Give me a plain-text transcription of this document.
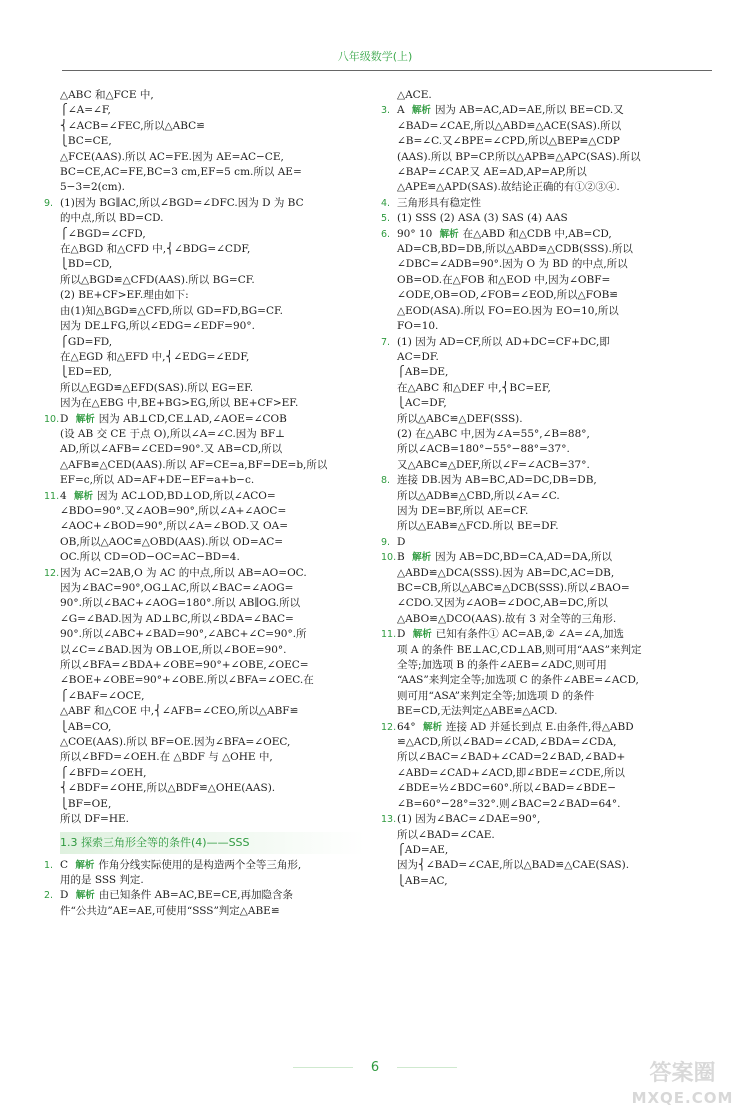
八年级数学(上)
△ABC 和△FCE 中,
⎧∠A=∠F,
⎨∠ACB=∠FEC,所以△ABC≌
⎩BC=CE,
△FCE(AAS).所以 AC=FE.因为 AE=AC−CE,
BC=CE,AC=FE,BC=3 cm,EF=5 cm.所以 AE=
5−3=2(cm).
9. (1)因为 BG∥AC,所以∠BGD=∠DFC.因为 D 为 BC
的中点,所以 BD=CD.
⎧∠BGD=∠CFD,
在△BGD 和△CFD 中,⎨∠BDG=∠CDF,
⎩BD=CD,
所以△BGD≌△CFD(AAS).所以 BG=CF.
(2) BE+CF>EF.理由如下:
由(1)知△BGD≌△CFD,所以 GD=FD,BG=CF.
因为 DE⊥FG,所以∠EDG=∠EDF=90°.
⎧GD=FD,
在△EGD 和△EFD 中,⎨∠EDG=∠EDF,
⎩ED=ED,
所以△EGD≌△EFD(SAS).所以 EG=EF.
因为在△EBG 中,BE+BG>EG,所以 BE+CF>EF.
10. D 解析 因为 AB⊥CD,CE⊥AD,∠AOE=∠COB
(设 AB 交 CE 于点 O),所以∠A=∠C.因为 BF⊥
AD,所以∠AFB=∠CED=90°.又 AB=CD,所以
△AFB≌△CED(AAS).所以 AF=CE=a,BF=DE=b,所以
EF=c,所以 AD=AF+DE−EF=a+b−c.
11. 4 解析 因为 AC⊥OD,BD⊥OD,所以∠ACO=
∠BDO=90°.又∠AOB=90°,所以∠A+∠AOC=
∠AOC+∠BOD=90°,所以∠A=∠BOD.又 OA=
OB,所以△AOC≌△OBD(AAS).所以 OD=AC=
OC.所以 CD=OD−OC=AC−BD=4.
12. 因为 AC=2AB,O 为 AC 的中点,所以 AB=AO=OC.
因为∠BAC=90°,OG⊥AC,所以∠BAC=∠AOG=
90°.所以∠BAC+∠AOG=180°.所以 AB∥OG.所以
∠G=∠BAD.因为 AD⊥BC,所以∠BDA=∠BAC=
90°.所以∠ABC+∠BAD=90°,∠ABC+∠C=90°.所
以∠C=∠BAD.因为 OB⊥OE,所以∠BOE=90°.
所以∠BFA=∠BDA+∠OBE=90°+∠OBE,∠OEC=
∠BOE+∠OBE=90°+∠OBE.所以∠BFA=∠OEC.在
⎧∠BAF=∠OCE,
△ABF 和△COE 中,⎨∠AFB=∠CEO,所以△ABF≌
⎩AB=CO,
△COE(AAS).所以 BF=OE.因为∠BFA=∠OEC,
所以∠BFD=∠OEH.在 △BDF 与 △OHE 中,
⎧∠BFD=∠OEH,
⎨∠BDF=∠OHE,所以△BDF≌△OHE(AAS).
⎩BF=OE,
所以 DF=HE.
1.3 探索三角形全等的条件(4)——SSS
1. C 解析 作角分线实际使用的是构造两个全等三角形,
用的是 SSS 判定.
2. D 解析 由已知条件 AB=AC,BE=CE,再加隐含条
件“公共边”AE=AE,可使用“SSS”判定△ABE≌
△ACE.
3. A 解析 因为 AB=AC,AD=AE,所以 BE=CD.又
∠BAD=∠CAE,所以△ABD≌△ACE(SAS).所以
∠B=∠C.又∠BPE=∠CPD,所以△BEP≌△CDP
(AAS).所以 BP=CP.所以△APB≌△APC(SAS).所以
∠BAP=∠CAP.又 AE=AD,AP=AP,所以
△APE≌△APD(SAS).故结论正确的有①②③④.
4. 三角形具有稳定性
5. (1) SSS (2) ASA (3) SAS (4) AAS
6. 90° 10 解析 在△ABD 和△CDB 中,AB=CD,
AD=CB,BD=DB,所以△ABD≌△CDB(SSS).所以
∠DBC=∠ADB=90°.因为 O 为 BD 的中点,所以
OB=OD.在△FOB 和△EOD 中,因为∠OBF=
∠ODE,OB=OD,∠FOB=∠EOD,所以△FOB≌
△EOD(ASA).所以 FO=EO.因为 EO=10,所以
FO=10.
7. (1) 因为 AD=CF,所以 AD+DC=CF+DC,即
AC=DF.
⎧AB=DE,
在△ABC 和△DEF 中,⎨BC=EF,
⎩AC=DF,
所以△ABC≌△DEF(SSS).
(2) 在△ABC 中,因为∠A=55°,∠B=88°,
所以∠ACB=180°−55°−88°=37°.
又△ABC≌△DEF,所以∠F=∠ACB=37°.
8. 连接 DB.因为 AB=BC,AD=DC,DB=DB,
所以△ADB≌△CBD,所以∠A=∠C.
因为 DE=BF,所以 AE=CF.
所以△EAB≌△FCD.所以 BE=DF.
9. D
10. B 解析 因为 AB=DC,BD=CA,AD=DA,所以
△ABD≌△DCA(SSS).因为 AB=DC,AC=DB,
BC=CB,所以△ABC≌△DCB(SSS).所以∠BAO=
∠CDO.又因为∠AOB=∠DOC,AB=DC,所以
△ABO≌△DCO(AAS).故有 3 对全等的三角形.
11. D 解析 已知有条件① AC=AB,② ∠A=∠A,加选
项 A 的条件 BE⊥AC,CD⊥AB,则可用“AAS”来判定
全等;加选项 B 的条件∠AEB=∠ADC,则可用
“AAS”来判定全等;加选项 C 的条件∠ABE=∠ACD,
则可用“ASA”来判定全等;加选项 D 的条件
BE=CD,无法判定△ABE≌△ACD.
12. 64° 解析 连接 AD 并延长到点 E.由条件,得△ABD
≌△ACD,所以∠BAD=∠CAD,∠BDA=∠CDA,
所以∠BAC=∠BAD+∠CAD=2∠BAD,∠BAD+
∠ABD=∠CAD+∠ACD,即∠BDE=∠CDE,所以
∠BDE=½∠BDC=60°.所以∠BAD=∠BDE−
∠B=60°−28°=32°.则∠BAC=2∠BAD=64°.
13. (1) 因为∠BAC=∠DAE=90°,
所以∠BAD=∠CAE.
⎧AD=AE,
因为⎨∠BAD=∠CAE,所以△BAD≌△CAE(SAS).
⎩AB=AC,
6	答案圈
MXQE.COM
